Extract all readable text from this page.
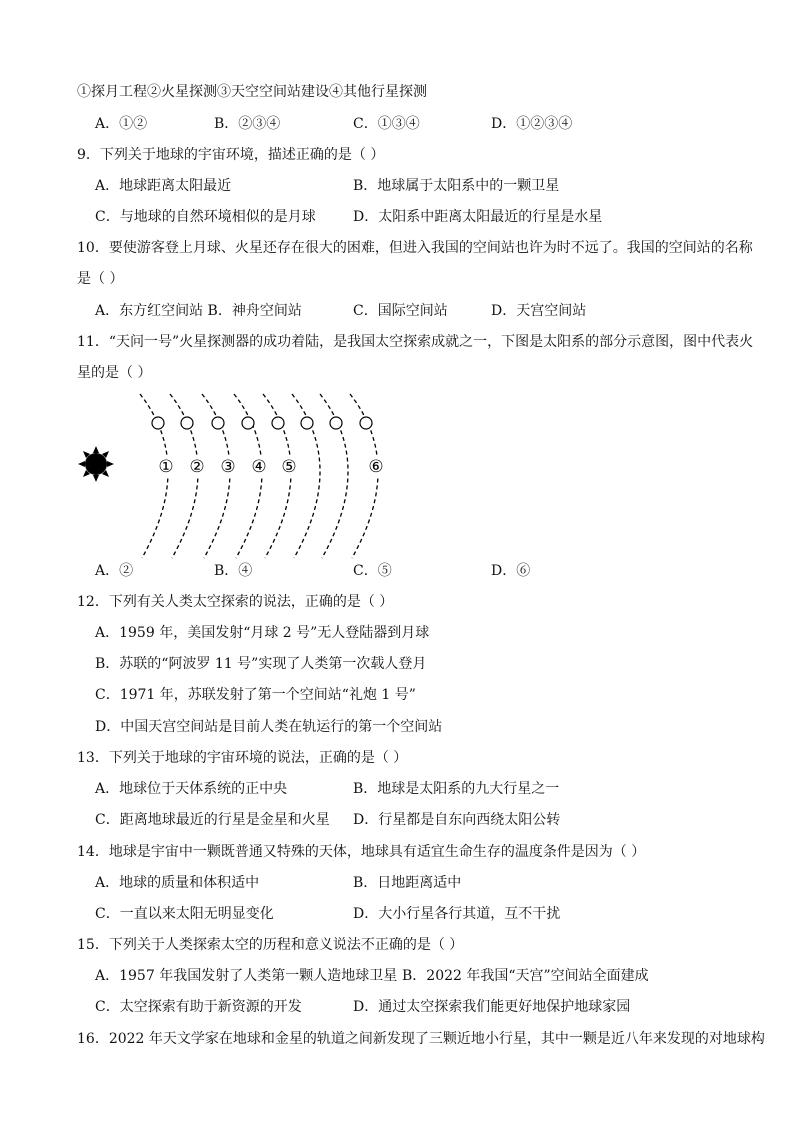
①探月工程②火星探测③天空空间站建设④其他行星探测
A．①②	B．②③④	C．①③④	D．①②③④
9．下列关于地球的宇宙环境，描述正确的是（ ）
A．地球距离太阳最近	B．地球属于太阳系中的一颗卫星
C．与地球的自然环境相似的是月球	D．太阳系中距离太阳最近的行星是水星
10．要使游客登上月球、火星还存在很大的困难，但进入我国的空间站也许为时不远了。我国的空间站的名称
是（ ）
A．东方红空间站 B．神舟空间站	C．国际空间站	D．天宫空间站
11．“天问一号”火星探测器的成功着陆，是我国太空探索成就之一，下图是太阳系的部分示意图，图中代表火
星的是（ ）
① ② ③ ④ ⑤	⑥
A．②	B．④	C．⑤	D．⑥
12．下列有关人类太空探索的说法，正确的是（ ）
A．1959 年，美国发射“月球 2 号”无人登陆器到月球
B．苏联的“阿波罗 11 号”实现了人类第一次载人登月
C．1971 年，苏联发射了第一个空间站“礼炮 1 号”
D．中国天宫空间站是目前人类在轨运行的第一个空间站
13．下列关于地球的宇宙环境的说法，正确的是（ ）
A．地球位于天体系统的正中央	B．地球是太阳系的九大行星之一
C．距离地球最近的行星是金星和火星 D．行星都是自东向西绕太阳公转
14．地球是宇宙中一颗既普通又特殊的天体，地球具有适宜生命生存的温度条件是因为（ ）
A．地球的质量和体积适中	B．日地距离适中
C．一直以来太阳无明显变化	D．大小行星各行其道，互不干扰
15．下列关于人类探索太空的历程和意义说法不正确的是（ ）
A．1957 年我国发射了人类第一颗人造地球卫星 B．2022 年我国“天宫”空间站全面建成
C．太空探索有助于新资源的开发	D．通过太空探索我们能更好地保护地球家园
16．2022 年天文学家在地球和金星的轨道之间新发现了三颗近地小行星，其中一颗是近八年来发现的对地球构
